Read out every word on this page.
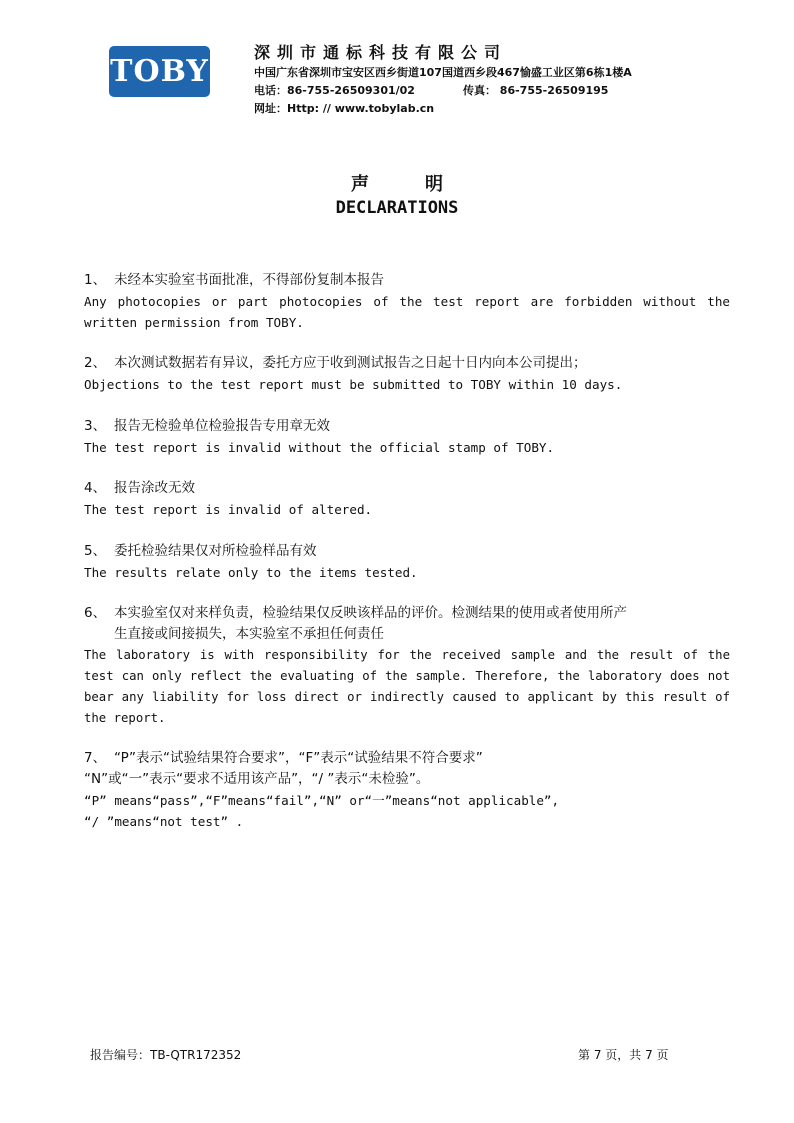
TOBY
深圳市通标科技有限公司
中国广东省深圳市宝安区西乡街道107国道西乡段467愉盛工业区第6栋1楼A
电话：86-755-26509301/02	传真： 86-755-26509195
网址：Http: // www.tobylab.cn
声明
DECLARATIONS
1、 未经本实验室书面批准，不得部份复制本报告
Any photocopies or part photocopies of the test report are forbidden without the written permission from TOBY.
2、 本次测试数据若有异议，委托方应于收到测试报告之日起十日内向本公司提出；
Objections to the test report must be submitted to TOBY within 10 days.
3、 报告无检验单位检验报告专用章无效
The test report is invalid without the official stamp of TOBY.
4、 报告涂改无效
The test report is invalid of altered.
5、 委托检验结果仅对所检验样品有效
The results relate only to the items tested.
6、 本实验室仅对来样负责，检验结果仅反映该样品的评价。检测结果的使用或者使用所产
生直接或间接损失，本实验室不承担任何责任
The laboratory is with responsibility for the received sample and the result of the test can only reflect the evaluating of the sample. Therefore, the laboratory does not bear any liability for loss direct or indirectly caused to applicant by this result of the report.
7、 “P”表示“试验结果符合要求”，“F”表示“试验结果不符合要求”
“N”或“一”表示“要求不适用该产品”，“/ ”表示“未检验”。
“P” means“pass”,“F”means“fail”,“N” or“一”means“not applicable”,
“/ ”means“not test” .
报告编号：TB-QTR172352	第 7 页，共 7 页
